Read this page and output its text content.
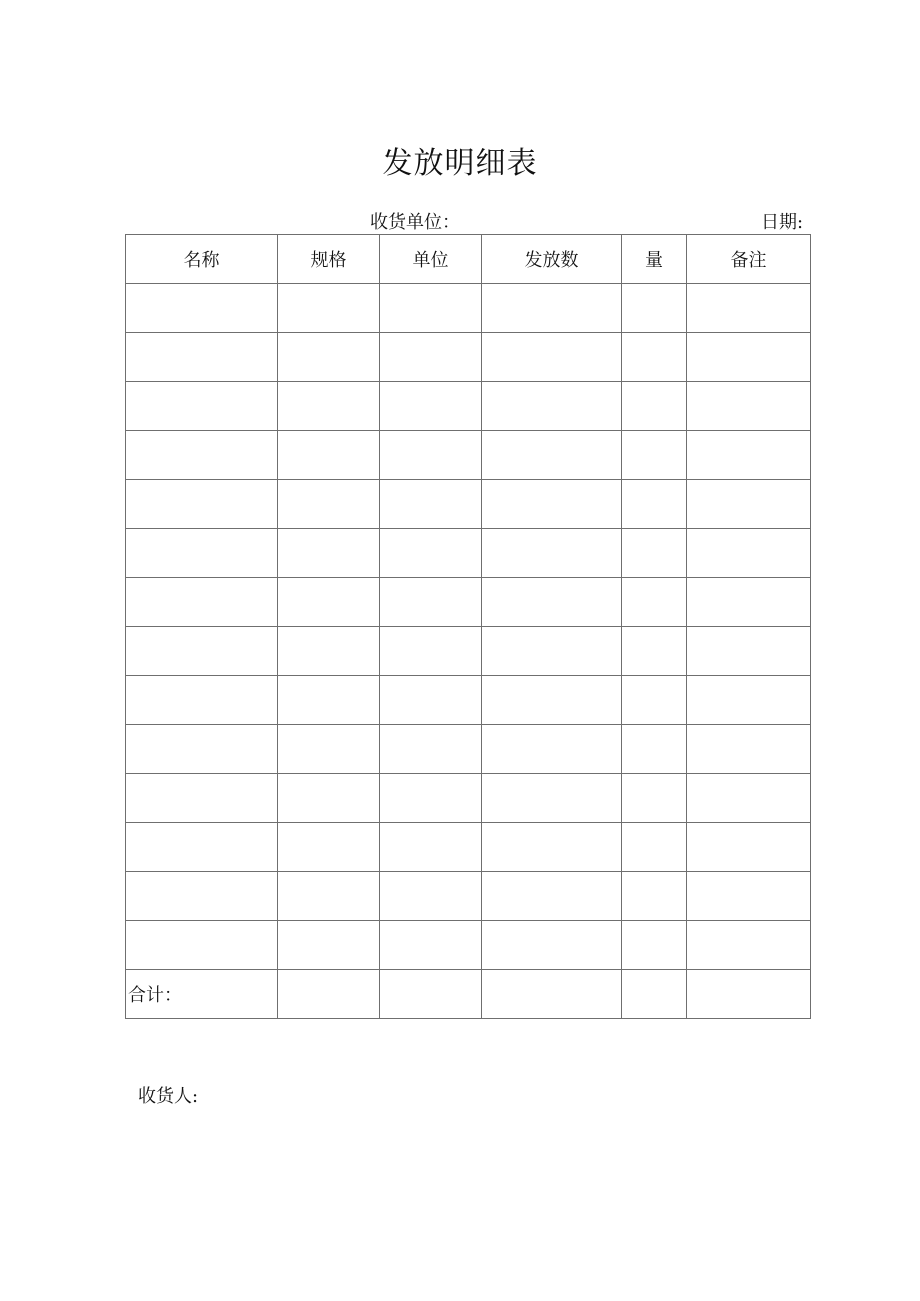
发放明细表
收货单位：	日期:
名称	规格	单位	发放数	量	备注

合计：					
收货人:
